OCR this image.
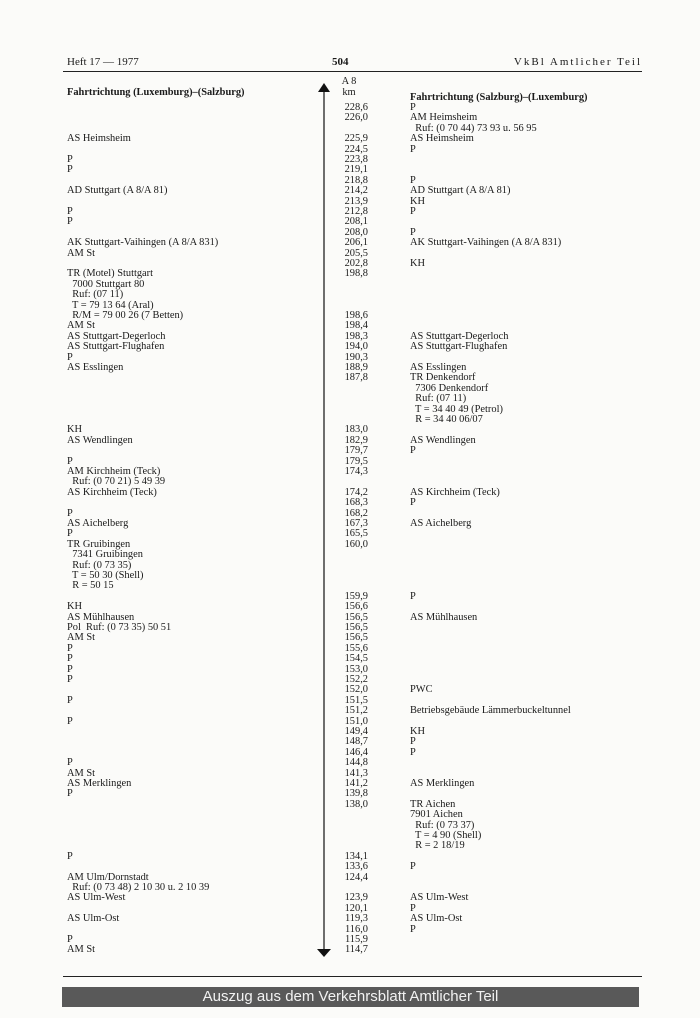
Heft 17 — 1977	504	VkBl Amtlicher Teil
A 8
km
Fahrtrichtung (Luxemburg)–(Salzburg)
AS Heimsheim
P
P
AD Stuttgart (A 8/A 81)
P
P
AK Stuttgart-Vaihingen (A 8/A 831)
AM St
TR (Motel) Stuttgart
7000 Stuttgart 80
Ruf: (07 11)
T = 79 13 64 (Aral)
R/M = 79 00 26 (7 Betten)
AM St
AS Stuttgart-Degerloch
AS Stuttgart-Flughafen
P
AS Esslingen
KH
AS Wendlingen
P
AM Kirchheim (Teck)
Ruf: (0 70 21) 5 49 39
AS Kirchheim (Teck)
P
AS Aichelberg
P
TR Gruibingen
7341 Gruibingen
Ruf: (0 73 35)
T = 50 30 (Shell)
R = 50 15
KH
AS Mühlhausen
Pol  Ruf: (0 73 35) 50 51
AM St
P
P
P
P
P
P
P
AM St
AS Merklingen
P
P
AM Ulm/Dornstadt
Ruf: (0 73 48) 2 10 30 u. 2 10 39
AS Ulm-West
AS Ulm-Ost
P
AM St
228,6
226,0
225,9
224,5
223,8
219,1
218,8
214,2
213,9
212,8
208,1
208,0
206,1
205,5
202,8
198,8
198,6
198,4
198,3
194,0
190,3
188,9
187,8
183,0
182,9
179,7
179,5
174,3
174,2
168,3
168,2
167,3
165,5
160,0
159,9
156,6
156,5
156,5
156,5
155,6
154,5
153,0
152,2
152,0
151,5
151,2
151,0
149,4
148,7
146,4
144,8
141,3
141,2
139,8
138,0
134,1
133,6
124,4
123,9
120,1
119,3
116,0
115,9
114,7
Fahrtrichtung (Salzburg)–(Luxemburg)
P
AM Heimsheim
Ruf: (0 70 44) 73 93 u. 56 95
AS Heimsheim
P
P
AD Stuttgart (A 8/A 81)
KH
P
P
AK Stuttgart-Vaihingen (A 8/A 831)
KH
AS Stuttgart-Degerloch
AS Stuttgart-Flughafen
AS Esslingen
TR Denkendorf
7306 Denkendorf
Ruf: (07 11)
T = 34 40 49 (Petrol)
R = 34 40 06/07
AS Wendlingen
P
AS Kirchheim (Teck)
P
AS Aichelberg
P
AS Mühlhausen
PWC
Betriebsgebäude Lämmerbuckeltunnel
KH
P
P
AS Merklingen
TR Aichen
7901 Aichen
Ruf: (0 73 37)
T = 4 90 (Shell)
R = 2 18/19
P
AS Ulm-West
P
AS Ulm-Ost
P
Auszug aus dem Verkehrsblatt Amtlicher Teil
